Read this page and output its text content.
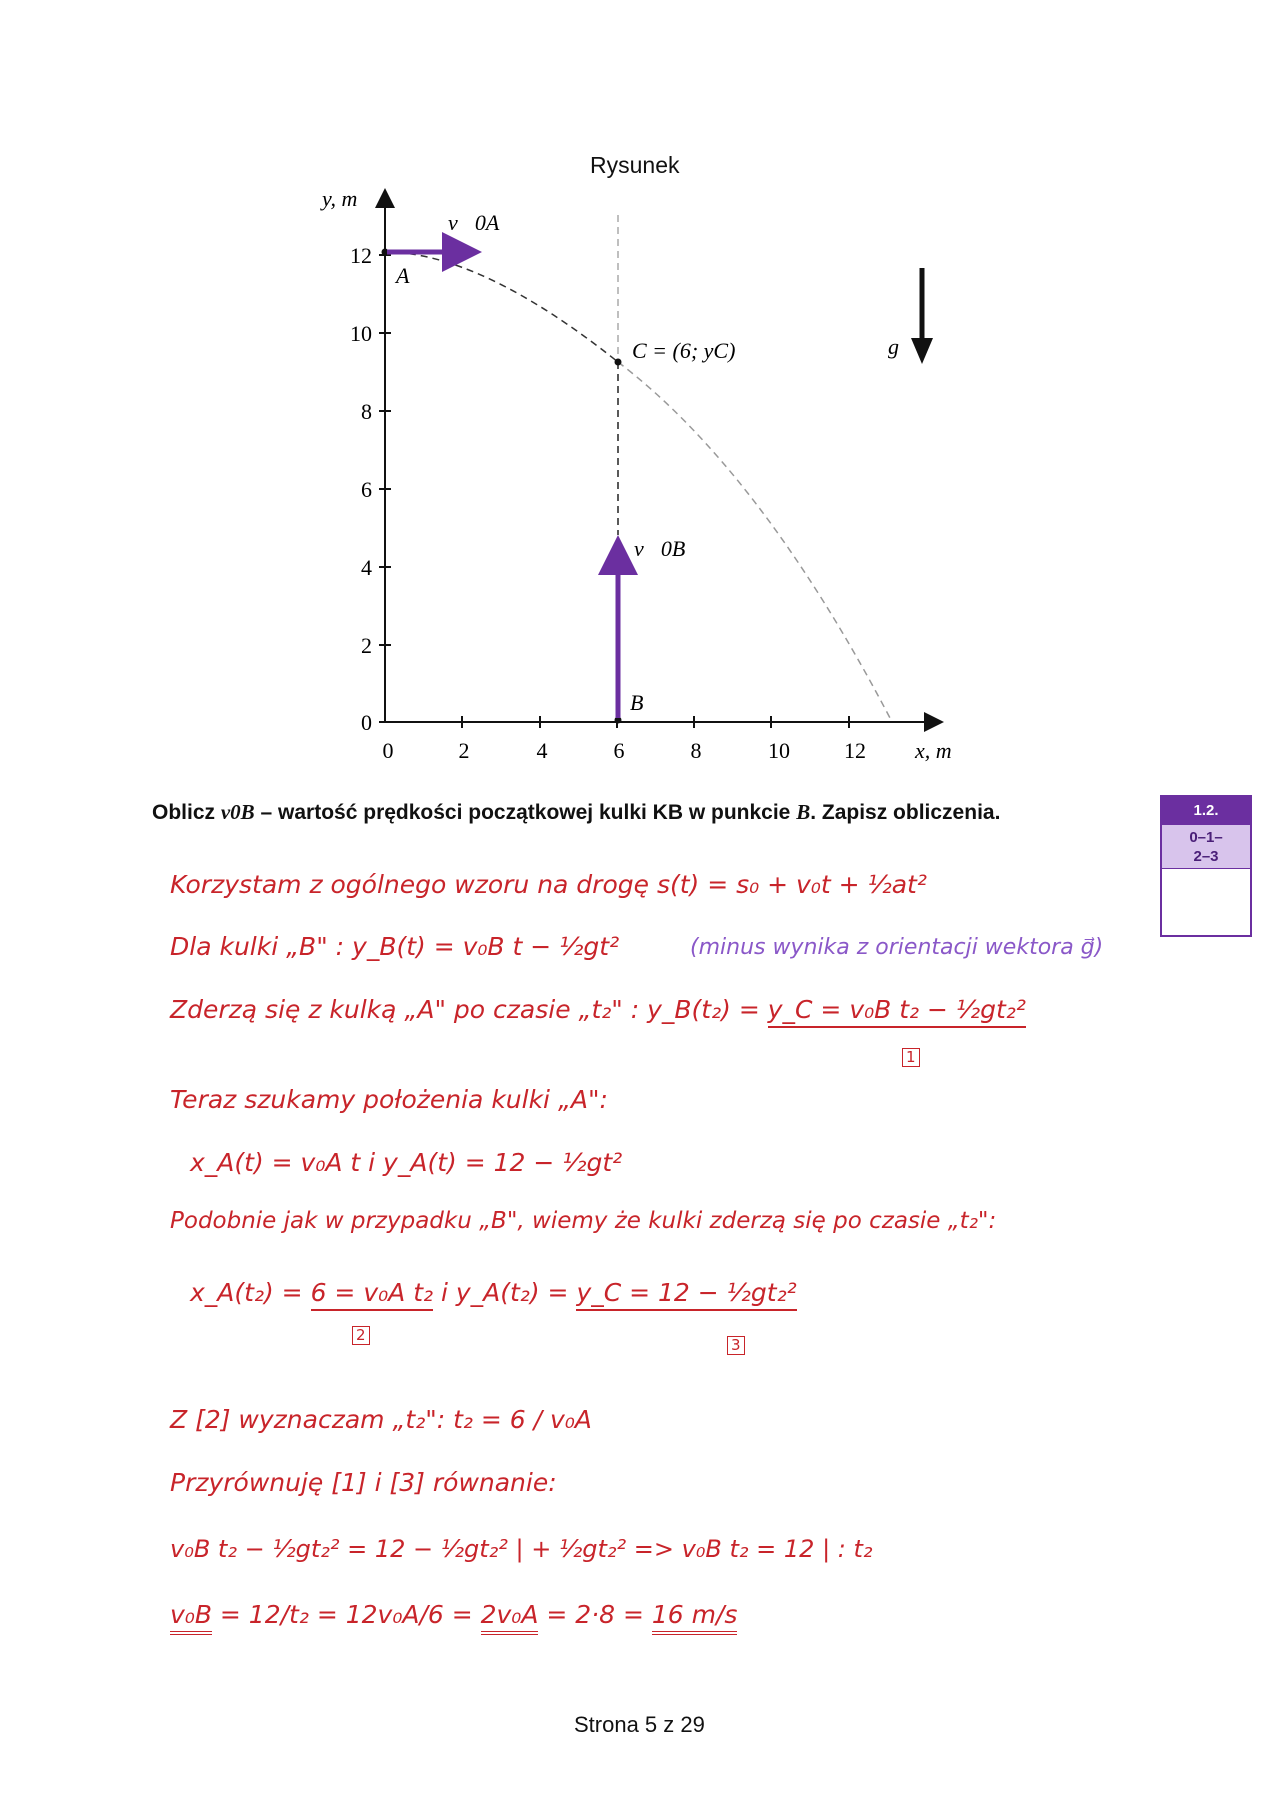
Rysunek
0
2
4
6
8
10
12
y, m
0	2	4	6	8	10 12 x, m
v⃗0A
v⃗0B
A
B
C = (6; yC)	g⃗
Oblicz v0B – wartość prędkości początkowej kulki KB w punkcie B. Zapisz obliczenia.	1.2.
0–1–
2–3
Korzystam z ogólnego wzoru na drogę s(t) = s₀ + v₀t + ½at²
Dla kulki „B" : y_B(t) = v₀B t − ½gt²	(minus wynika z orientacji wektora g⃗)
Zderzą się z kulką „A" po czasie „t₂" : y_B(t₂) = y_C = v₀B t₂ − ½gt₂²
1
Teraz szukamy położenia kulki „A":
x_A(t) = v₀A t i y_A(t) = 12 − ½gt²
Podobnie jak w przypadku „B", wiemy że kulki zderzą się po czasie „t₂":
x_A(t₂) = 6 = v₀A t₂ i y_A(t₂) = y_C = 12 − ½gt₂²
2
3
Z [2] wyznaczam „t₂": t₂ = 6 / v₀A
Przyrównuję [1] i [3] równanie:
v₀B t₂ − ½gt₂² = 12 − ½gt₂² | + ½gt₂² => v₀B t₂ = 12 | : t₂
v₀B = 12/t₂ = 12v₀A/6 = 2v₀A = 2·8 = 16 m/s
Strona 5 z 29
